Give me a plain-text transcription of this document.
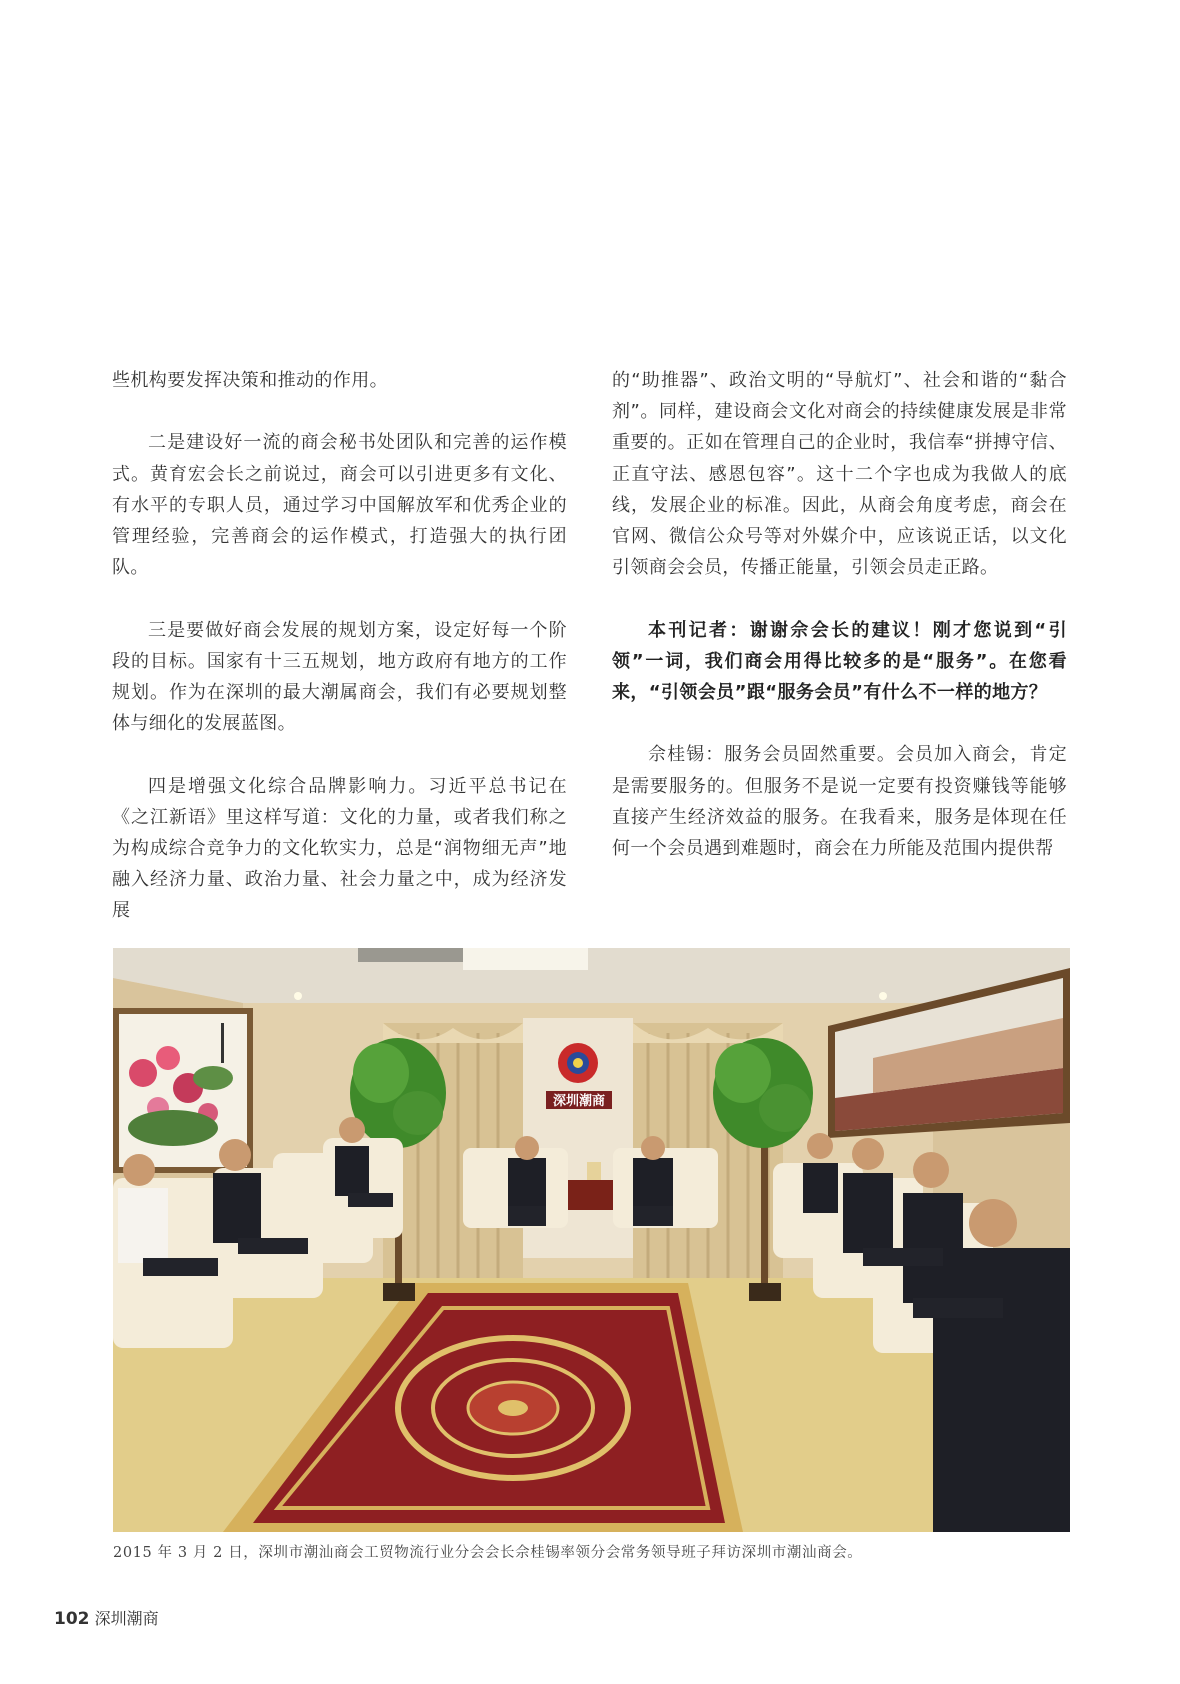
些机构要发挥决策和推动的作用。

二是建设好一流的商会秘书处团队和完善的运作模式。黄育宏会长之前说过，商会可以引进更多有文化、有水平的专职人员，通过学习中国解放军和优秀企业的管理经验，完善商会的运作模式，打造强大的执行团队。

三是要做好商会发展的规划方案，设定好每一个阶段的目标。国家有十三五规划，地方政府有地方的工作规划。作为在深圳的最大潮属商会，我们有必要规划整体与细化的发展蓝图。

四是增强文化综合品牌影响力。习近平总书记在《之江新语》里这样写道：文化的力量，或者我们称之为构成综合竞争力的文化软实力，总是“润物细无声”地融入经济力量、政治力量、社会力量之中，成为经济发展

的“助推器”、政治文明的“导航灯”、社会和谐的“黏合剂”。同样，建设商会文化对商会的持续健康发展是非常重要的。正如在管理自己的企业时，我信奉“拼搏守信、正直守法、感恩包容”。这十二个字也成为我做人的底线，发展企业的标准。因此，从商会角度考虑，商会在官网、微信公众号等对外媒介中，应该说正话，以文化引领商会会员，传播正能量，引领会员走正路。

本刊记者：谢谢佘会长的建议！刚才您说到“引领”一词，我们商会用得比较多的是“服务”。在您看来，“引领会员”跟“服务会员”有什么不一样的地方？

佘桂锡：服务会员固然重要。会员加入商会，肯定是需要服务的。但服务不是说一定要有投资赚钱等能够直接产生经济效益的服务。在我看来，服务是体现在任何一个会员遇到难题时，商会在力所能及范围内提供帮

深圳潮商
2015 年 3 月 2 日，深圳市潮汕商会工贸物流行业分会会长佘桂锡率领分会常务领导班子拜访深圳市潮汕商会。
102 深圳潮商
